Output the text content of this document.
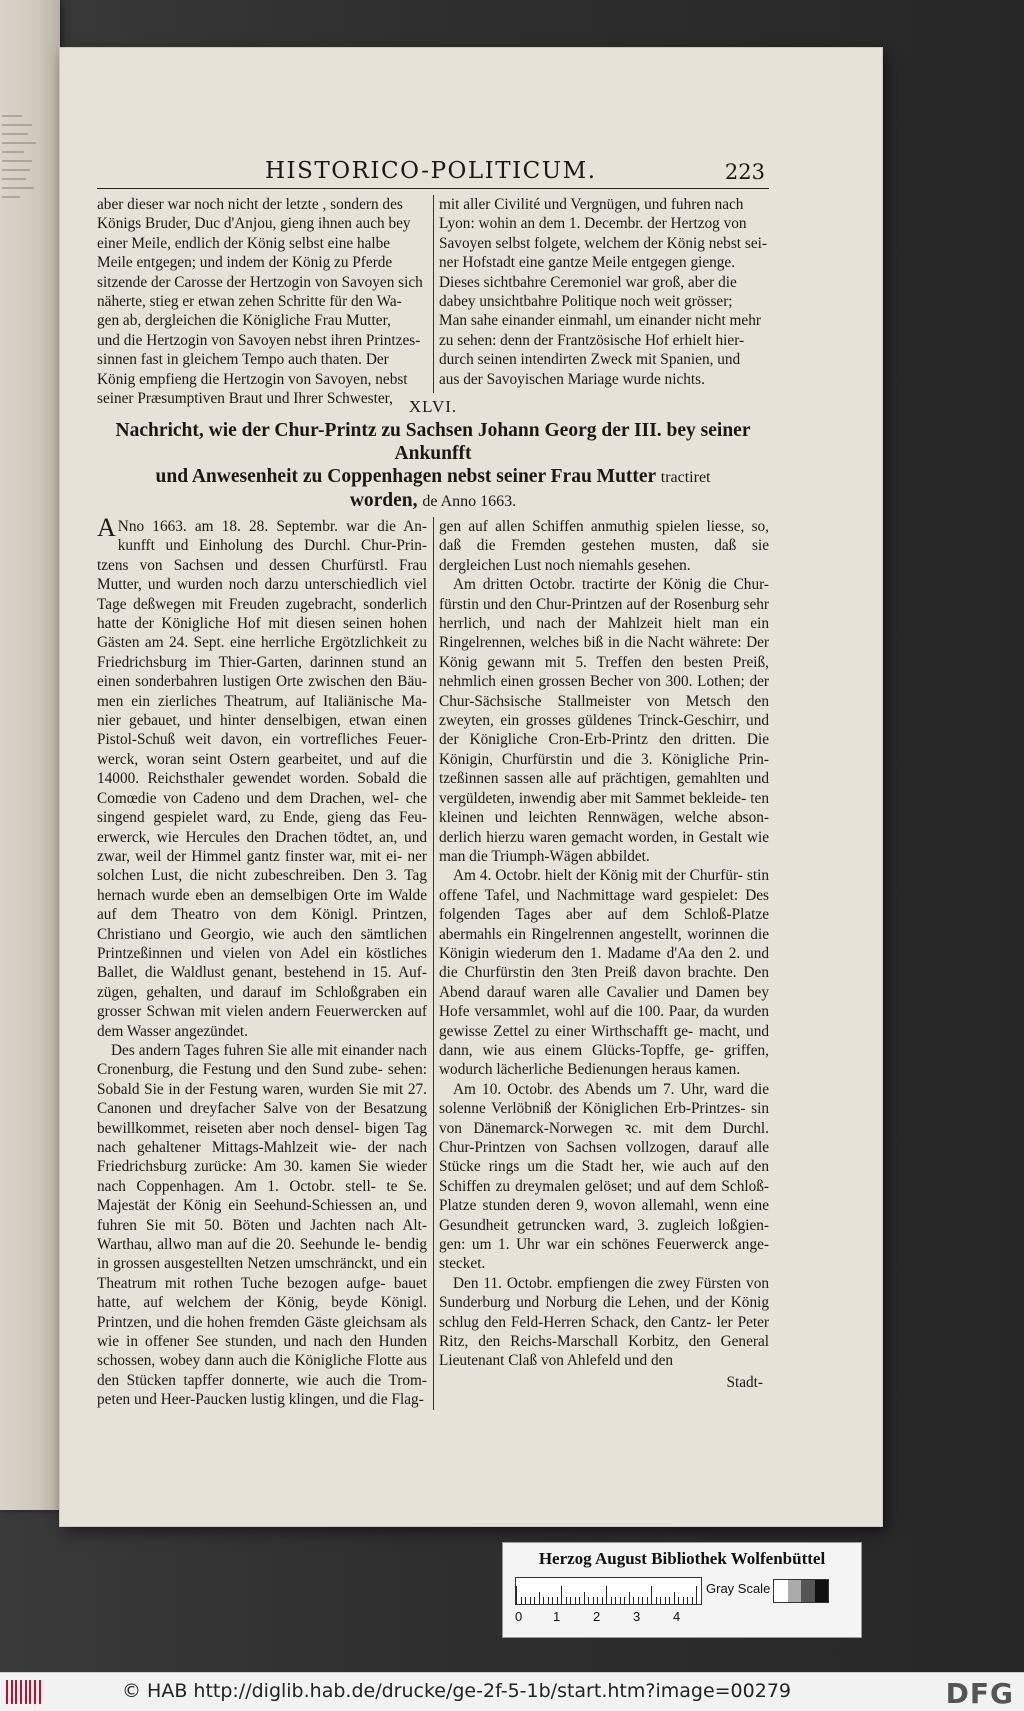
HISTORICO-POLITICUM.	223
aber dieser war noch nicht der letzte , sondern des
Königs Bruder, Duc d'Anjou, gieng ihnen auch bey
einer Meile, endlich der König selbst eine halbe
Meile entgegen; und indem der König zu Pferde
sitzende der Carosse der Hertzogin von Savoyen sich
näherte, stieg er etwan zehen Schritte für den Wa-
gen ab, dergleichen die Königliche Frau Mutter,
und die Hertzogin von Savoyen nebst ihren Printzes-
sinnen fast in gleichem Tempo auch thaten. Der
König empfieng die Hertzogin von Savoyen, nebst
seiner Præsumptiven Braut und Ihrer Schwester,
mit aller Civilité und Vergnügen, und fuhren nach
Lyon: wohin an dem 1. Decembr. der Hertzog von
Savoyen selbst folgete, welchem der König nebst sei-
ner Hofstadt eine gantze Meile entgegen gienge.
Dieses sichtbahre Ceremoniel war groß, aber die
dabey unsichtbahre Politique noch weit grösser;
Man sahe einander einmahl, um einander nicht mehr
zu sehen: denn der Frantzösische Hof erhielt hier-
durch seinen intendirten Zweck mit Spanien, und
aus der Savoyischen Mariage wurde nichts.
XLVI.
Nachricht, wie der Chur-Printz zu Sachsen Johann Georg der III. bey seiner Ankunfft
und Anwesenheit zu Coppenhagen nebst seiner Frau Mutter tractiret
worden, de Anno 1663.

A Nno 1663. am 18. 28. Septembr. war die An- kunfft und Einholung des Durchl. Chur-Prin- tzens von Sachsen und dessen Churfürstl. Frau Mutter, und wurden noch darzu unterschiedlich viel Tage deßwegen mit Freuden zugebracht, sonderlich hatte der Königliche Hof mit diesen seinen hohen Gästen am 24. Sept. eine herrliche Ergötzlichkeit zu Friedrichsburg im Thier-Garten, darinnen stund an einen sonderbahren lustigen Orte zwischen den Bäu- men ein zierliches Theatrum, auf Italiänische Ma- nier gebauet, und hinter denselbigen, etwan einen Pistol-Schuß weit davon, ein vortrefliches Feuer- werck, woran seint Ostern gearbeitet, und auf die 14000. Reichsthaler gewendet worden. Sobald die Comœdie von Cadeno und dem Drachen, wel- che singend gespielet ward, zu Ende, gieng das Feu- erwerck, wie Hercules den Drachen tödtet, an, und zwar, weil der Himmel gantz finster war, mit ei- ner solchen Lust, die nicht zubeschreiben. Den 3. Tag hernach wurde eben an demselbigen Orte im Walde auf dem Theatro von dem Königl. Printzen, Christiano und Georgio, wie auch den sämtlichen Printzeßinnen und vielen von Adel ein köstliches Ballet, die Waldlust genant, bestehend in 15. Auf- zügen, gehalten, und darauf im Schloßgraben ein grosser Schwan mit vielen andern Feuerwercken auf dem Wasser angezündet.

Des andern Tages fuhren Sie alle mit einander nach Cronenburg, die Festung und den Sund zube- sehen: Sobald Sie in der Festung waren, wurden Sie mit 27. Canonen und dreyfacher Salve von der Besatzung bewillkommet, reiseten aber noch densel- bigen Tag nach gehaltener Mittags-Mahlzeit wie- der nach Friedrichsburg zurücke: Am 30. kamen Sie wieder nach Coppenhagen. Am 1. Octobr. stell- te Se. Majestät der König ein Seehund-Schiessen an, und fuhren Sie mit 50. Böten und Jachten nach Alt-Warthau, allwo man auf die 20. Seehunde le- bendig in grossen ausgestellten Netzen umschränckt, und ein Theatrum mit rothen Tuche bezogen aufge- bauet hatte, auf welchem der König, beyde Königl. Printzen, und die hohen fremden Gäste gleichsam als wie in offener See stunden, und nach den Hunden schossen, wobey dann auch die Königliche Flotte aus den Stücken tapffer donnerte, wie auch die Trom- peten und Heer-Paucken lustig klingen, und die Flag-

gen auf allen Schiffen anmuthig spielen liesse, so, daß die Fremden gestehen musten, daß sie dergleichen Lust noch niemahls gesehen.

Am dritten Octobr. tractirte der König die Chur- fürstin und den Chur-Printzen auf der Rosenburg sehr herrlich, und nach der Mahlzeit hielt man ein Ringelrennen, welches biß in die Nacht währete: Der König gewann mit 5. Treffen den besten Preiß, nehmlich einen grossen Becher von 300. Lothen; der Chur-Sächsische Stallmeister von Metsch den zweyten, ein grosses güldenes Trinck-Geschirr, und der Königliche Cron-Erb-Printz den dritten. Die Königin, Churfürstin und die 3. Königliche Prin- tzeßinnen sassen alle auf prächtigen, gemahlten und vergüldeten, inwendig aber mit Sammet bekleide- ten kleinen und leichten Rennwägen, welche abson- derlich hierzu waren gemacht worden, in Gestalt wie man die Triumph-Wägen abbildet.

Am 4. Octobr. hielt der König mit der Churfür- stin offene Tafel, und Nachmittage ward gespielet: Des folgenden Tages aber auf dem Schloß-Platze abermahls ein Ringelrennen angestellt, worinnen die Königin wiederum den 1. Madame d'Aa den 2. und die Churfürstin den 3ten Preiß davon brachte. Den Abend darauf waren alle Cavalier und Damen bey Hofe versammlet, wohl auf die 100. Paar, da wurden gewisse Zettel zu einer Wirthschafft ge- macht, und dann, wie aus einem Glücks-Topffe, ge- griffen, wodurch lächerliche Bedienungen heraus kamen.

Am 10. Octobr. des Abends um 7. Uhr, ward die solenne Verlöbniß der Königlichen Erb-Printzes- sin von Dänemarck-Norwegen ꝛc. mit dem Durchl. Chur-Printzen von Sachsen vollzogen, darauf alle Stücke rings um die Stadt her, wie auch auf den Schiffen zu dreymalen gelöset; und auf dem Schloß- Platze stunden deren 9, wovon allemahl, wenn eine Gesundheit getruncken ward, 3. zugleich loßgien- gen: um 1. Uhr war ein schönes Feuerwerck ange- stecket.

Den 11. Octobr. empfiengen die zwey Fürsten von Sunderburg und Norburg die Lehen, und der König schlug den Feld-Herren Schack, den Cantz- ler Peter Ritz, den Reichs-Marschall Korbitz, den General Lieutenant Claß von Ahlefeld und den

Stadt-
Herzog August Bibliothek Wolfenbüttel
0 1	2	3	4
Gray Scale
© HAB http://diglib.hab.de/drucke/ge-2f-5-1b/start.htm?image=00279	DFG
